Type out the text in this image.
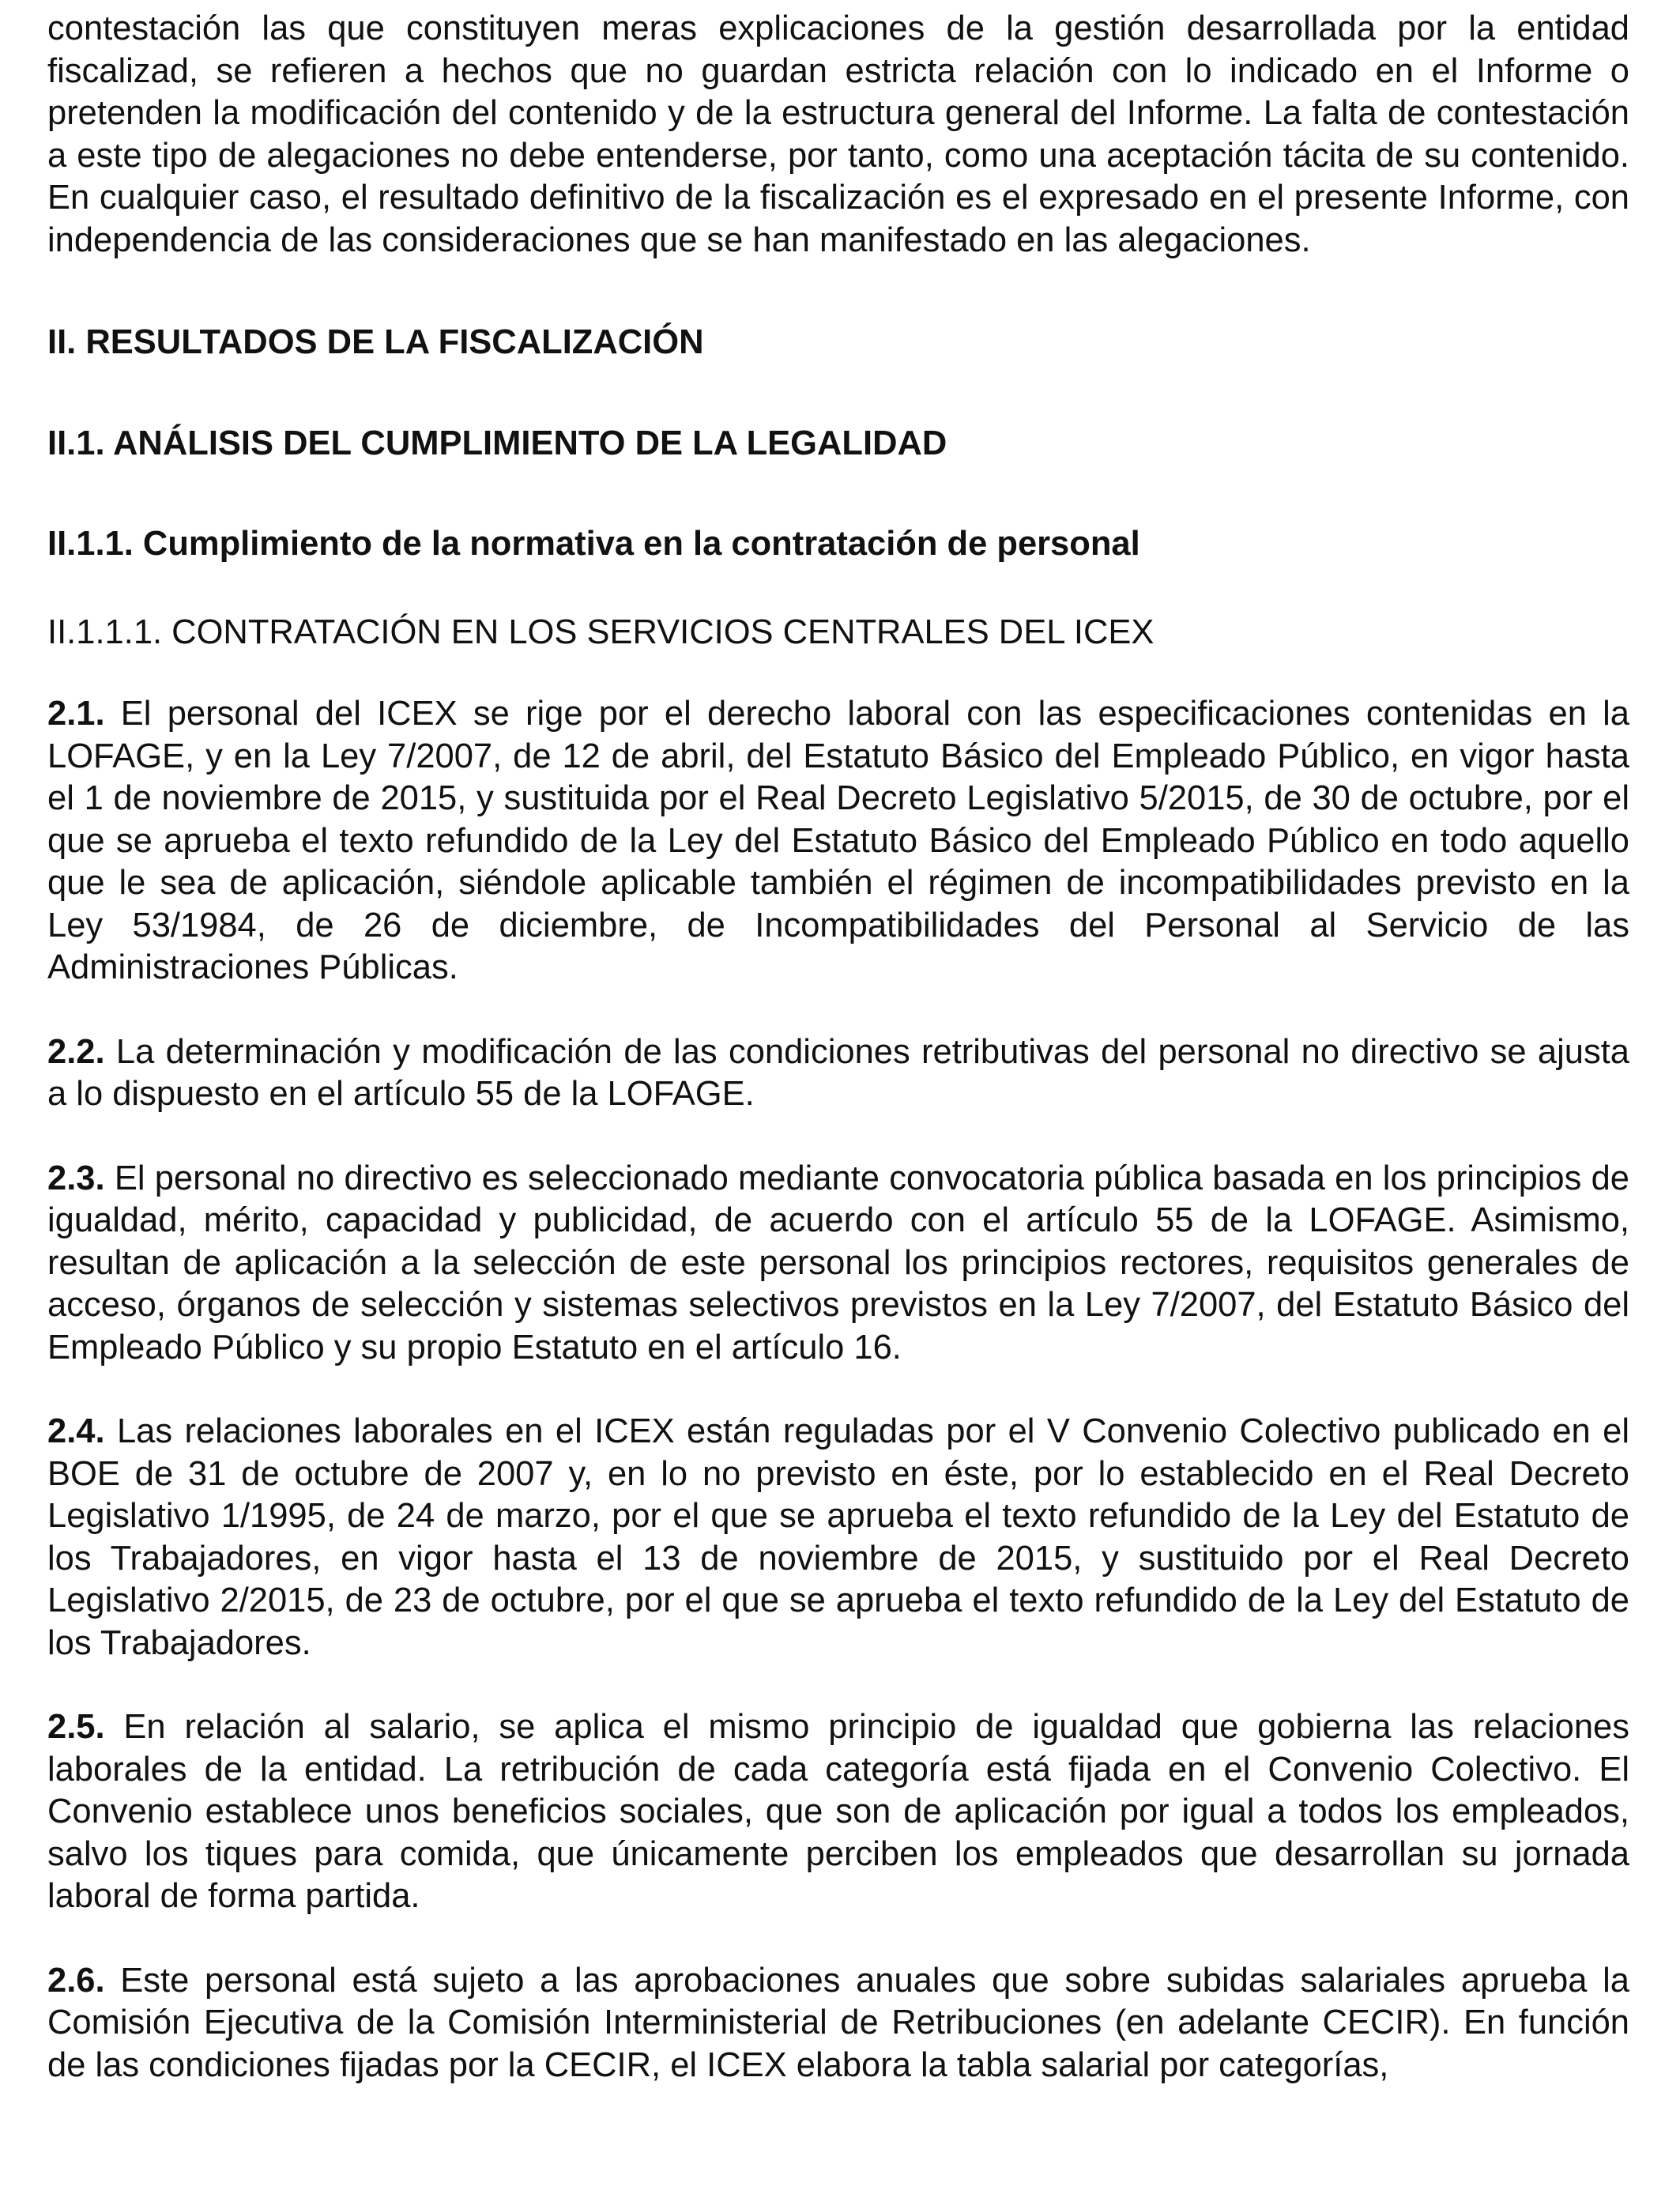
contestación las que constituyen meras explicaciones de la gestión desarrollada por la entidad fiscalizad, se refieren a hechos que no guardan estricta relación con lo indicado en el Informe o pretenden la modificación del contenido y de la estructura general del Informe. La falta de contestación a este tipo de alegaciones no debe entenderse, por tanto, como una aceptación tácita de su contenido. En cualquier caso, el resultado definitivo de la fiscalización es el expresado en el presente Informe, con independencia de las consideraciones que se han manifestado en las alegaciones.

II. RESULTADOS DE LA FISCALIZACIÓN
II.1. ANÁLISIS DEL CUMPLIMIENTO DE LA LEGALIDAD
II.1.1. Cumplimiento de la normativa en la contratación de personal
II.1.1.1. CONTRATACIÓN EN LOS SERVICIOS CENTRALES DEL ICEX

2.1. El personal del ICEX se rige por el derecho laboral con las especificaciones contenidas en la LOFAGE, y en la Ley 7/2007, de 12 de abril, del Estatuto Básico del Empleado Público, en vigor hasta el 1 de noviembre de 2015, y sustituida por el Real Decreto Legislativo 5/2015, de 30 de octubre, por el que se aprueba el texto refundido de la Ley del Estatuto Básico del Empleado Público en todo aquello que le sea de aplicación, siéndole aplicable también el régimen de incompatibilidades previsto en la Ley 53/1984, de 26 de diciembre, de Incompatibilidades del Personal al Servicio de las Administraciones Públicas.

2.2. La determinación y modificación de las condiciones retributivas del personal no directivo se ajusta a lo dispuesto en el artículo 55 de la LOFAGE.

2.3. El personal no directivo es seleccionado mediante convocatoria pública basada en los principios de igualdad, mérito, capacidad y publicidad, de acuerdo con el artículo 55 de la LOFAGE. Asimismo, resultan de aplicación a la selección de este personal los principios rectores, requisitos generales de acceso, órganos de selección y sistemas selectivos previstos en la Ley 7/2007, del Estatuto Básico del Empleado Público y su propio Estatuto en el artículo 16.

2.4. Las relaciones laborales en el ICEX están reguladas por el V Convenio Colectivo publicado en el BOE de 31 de octubre de 2007 y, en lo no previsto en éste, por lo establecido en el Real Decreto Legislativo 1/1995, de 24 de marzo, por el que se aprueba el texto refundido de la Ley del Estatuto de los Trabajadores, en vigor hasta el 13 de noviembre de 2015, y sustituido por el Real Decreto Legislativo 2/2015, de 23 de octubre, por el que se aprueba el texto refundido de la Ley del Estatuto de los Trabajadores.

2.5. En relación al salario, se aplica el mismo principio de igualdad que gobierna las relaciones laborales de la entidad. La retribución de cada categoría está fijada en el Convenio Colectivo. El Convenio establece unos beneficios sociales, que son de aplicación por igual a todos los empleados, salvo los tiques para comida, que únicamente perciben los empleados que desarrollan su jornada laboral de forma partida.

2.6. Este personal está sujeto a las aprobaciones anuales que sobre subidas salariales aprueba la Comisión Ejecutiva de la Comisión Interministerial de Retribuciones (en adelante CECIR). En función de las condiciones fijadas por la CECIR, el ICEX elabora la tabla salarial por categorías,
